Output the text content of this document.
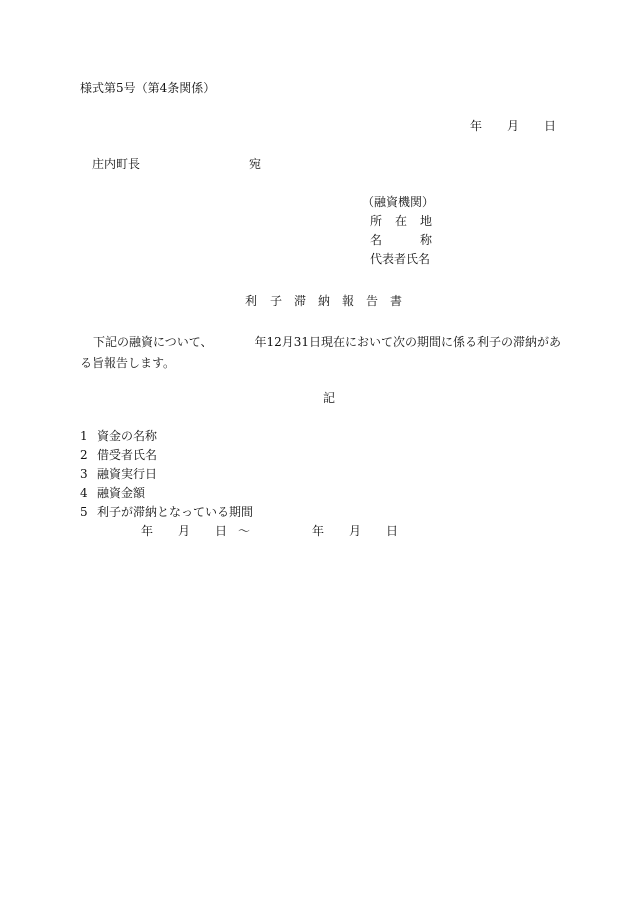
様式第5号（第4条関係）
年 月 日
庄内町長	宛
（融資機関）
所 在 地
名	称
代表者氏名
利 子 滞 納 報 告 書
下記の融資について、　　　　年12月31日現在において次の期間に係る利子の滞納がある旨報告します。
記
1 資金の名称
2 借受者氏名
3 融資実行日
4 融資金額
5 利子が滞納となっている期間
年 月 日 ～	年 月 日
